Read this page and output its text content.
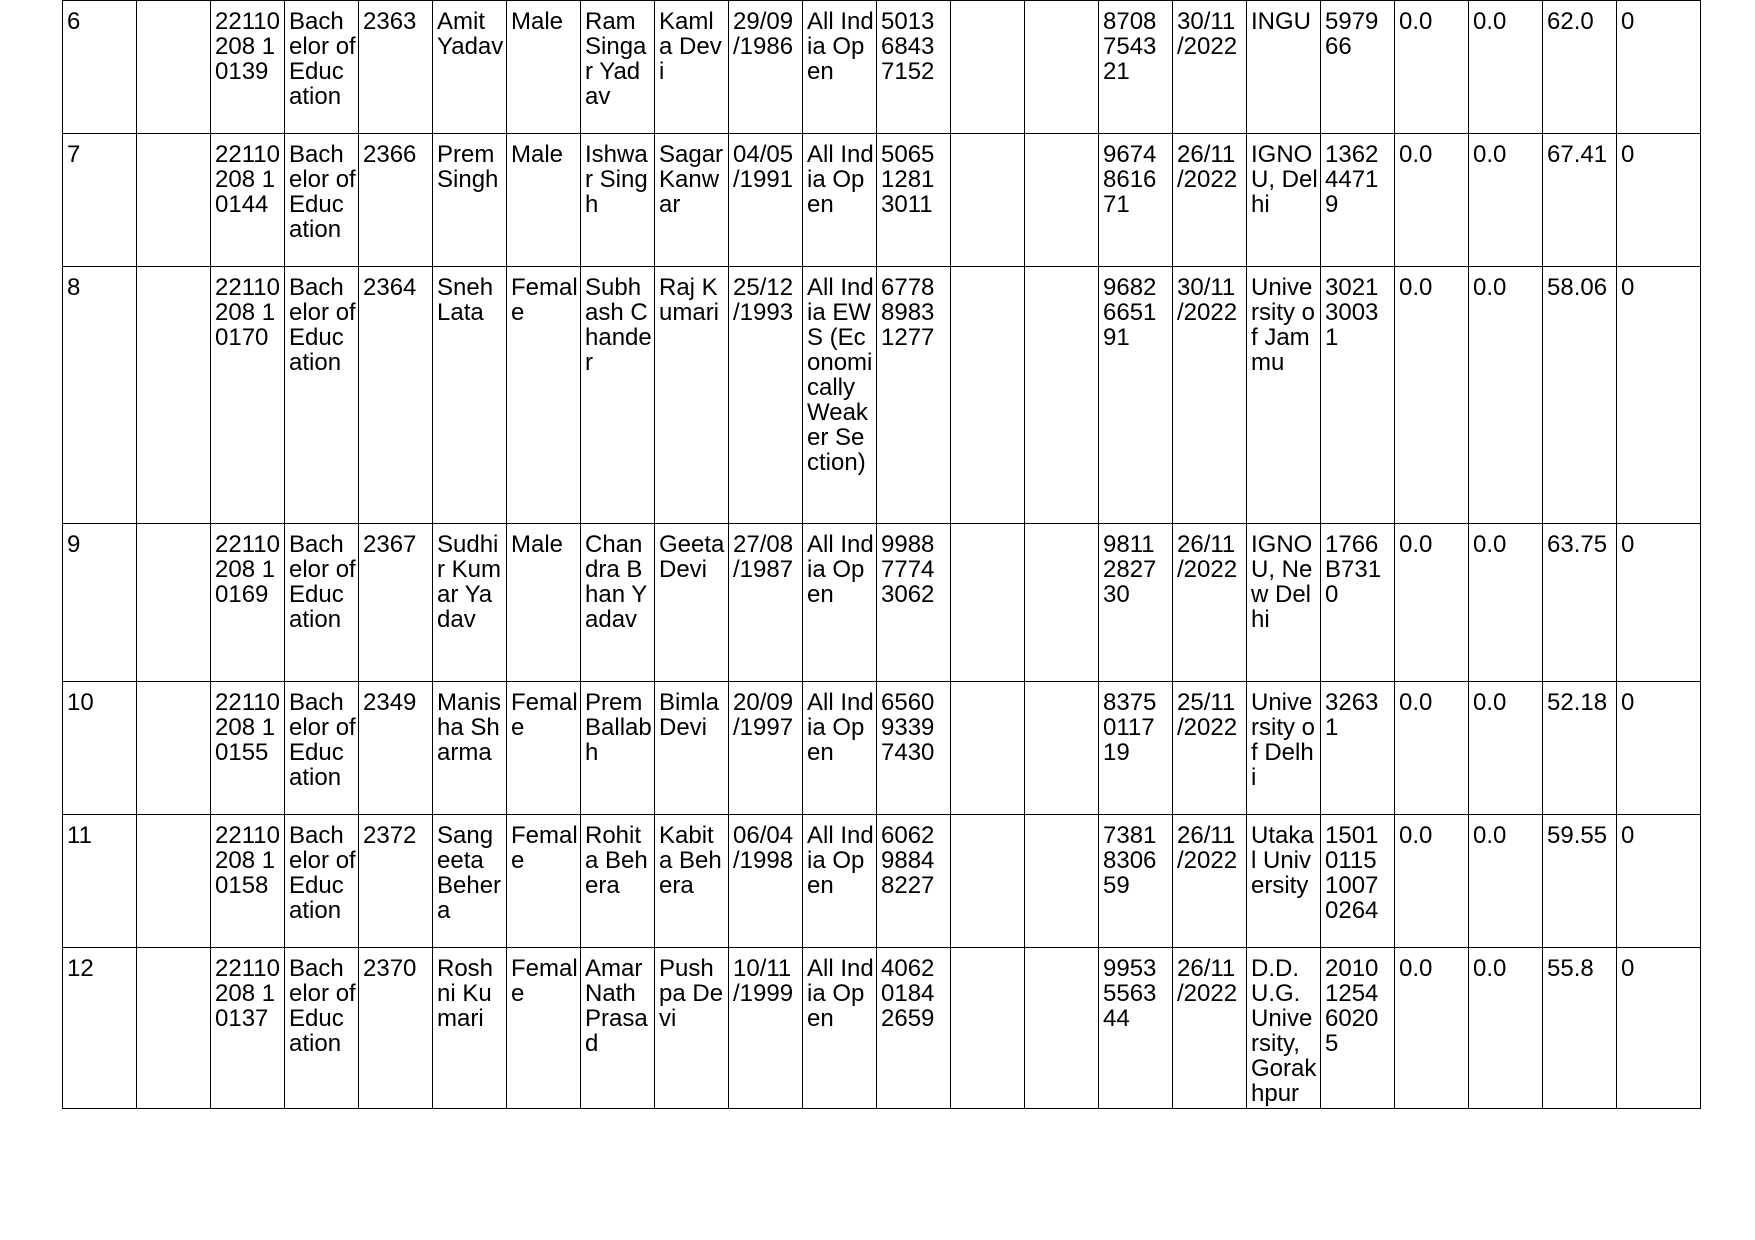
6		22110208 10139	Bachelor of Education	2363	Amit Yadav	Male	Ram Singar Yadav	Kamla Devi	29/09 /1986	All India Open	5013 6843 7152			8708 7543 21	30/11 /2022	INGU	5979 66	0.0	0.0	62.0	0

7		22110208 10144	Bachelor of Education	2366	Prem Singh	Male	Ishwar Singh	Sagar Kanwar	04/05 /1991	All India Open	5065 1281 3011			9674 8616 71	26/11 /2022	IGNOU, Delhi	1362 4471 9	0.0	0.0	67.41	0

8		22110208 10170	Bachelor of Education	2364	Sneh Lata	Female	Subhash Chander	Raj Kumari	25/12 /1993	All India EWS (Economically Weaker Section)	6778 8983 1277			9682 6651 91	30/11 /2022	University of Jammu	3021 3003 1	0.0	0.0	58.06	0

9		22110208 10169	Bachelor of Education	2367	Sudhir Kumar Yadav	Male	Chandra Bhan Yadav	Geeta Devi	27/08 /1987	All India Open	9988 7774 3062			9811 2827 30	26/11 /2022	IGNOU, New Delhi	1766 B731 0	0.0	0.0	63.75	0

10		22110208 10155	Bachelor of Education	2349	Manisha Sharma	Female	Prem Ballabh	Bimla Devi	20/09 /1997	All India Open	6560 9339 7430			8375 0117 19	25/11 /2022	University of Delhi	3263 1	0.0	0.0	52.18	0

11		22110208 10158	Bachelor of Education	2372	Sangeeta Behera	Female	Rohita Behera	Kabita Behera	06/04 /1998	All India Open	6062 9884 8227			7381 8306 59	26/11 /2022	Utakal University	1501 0115 1007 0264	0.0	0.0	59.55	0

12		22110208 10137	Bachelor of Education	2370	Roshni Kumari	Female	Amar Nath Prasad	Pushpa Devi	10/11 /1999	All India Open	4062 0184 2659			9953 5563 44	26/11 /2022	D.D. U.G. University, Gorakhpur	2010 1254 6020 5	0.0	0.0	55.8	0
